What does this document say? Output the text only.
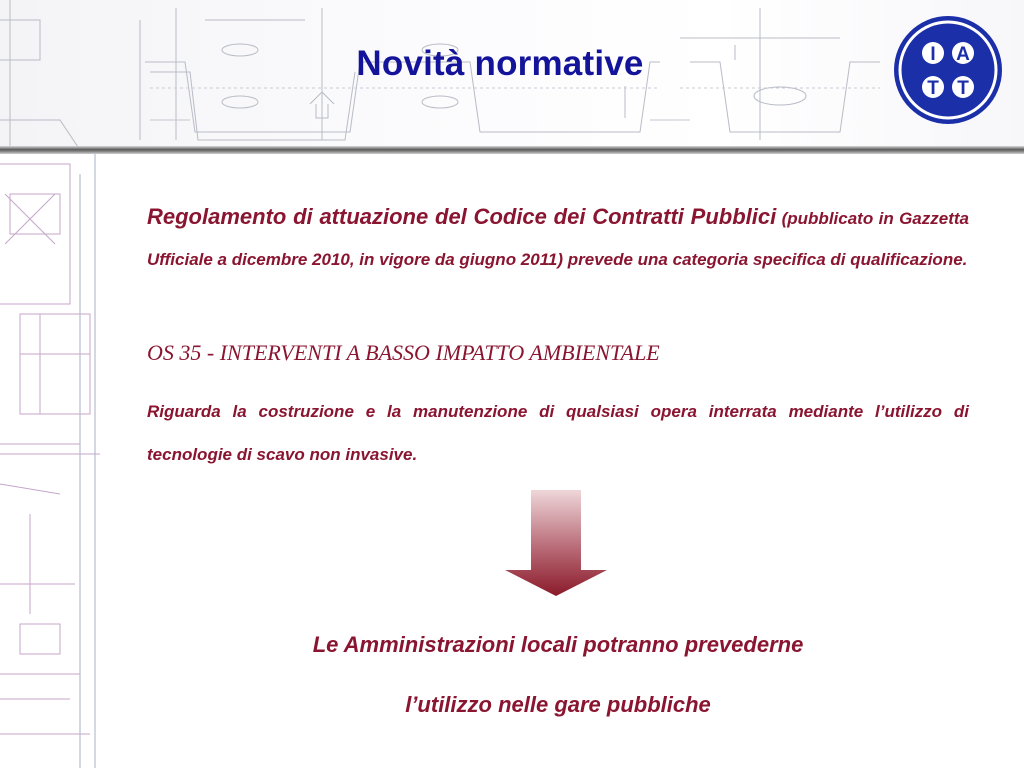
Novità normative	I A
T T
Regolamento di attuazione del Codice dei Contratti Pubblici (pubblicato in Gazzetta Ufficiale a dicembre 2010, in vigore da giugno 2011) prevede una categoria specifica di qualificazione.
OS 35 - INTERVENTI A BASSO IMPATTO AMBIENTALE
Riguarda la costruzione e la manutenzione di qualsiasi opera interrata mediante l’utilizzo di tecnologie di scavo non invasive.
Le Amministrazioni locali potranno prevederne
l’utilizzo nelle gare pubbliche
